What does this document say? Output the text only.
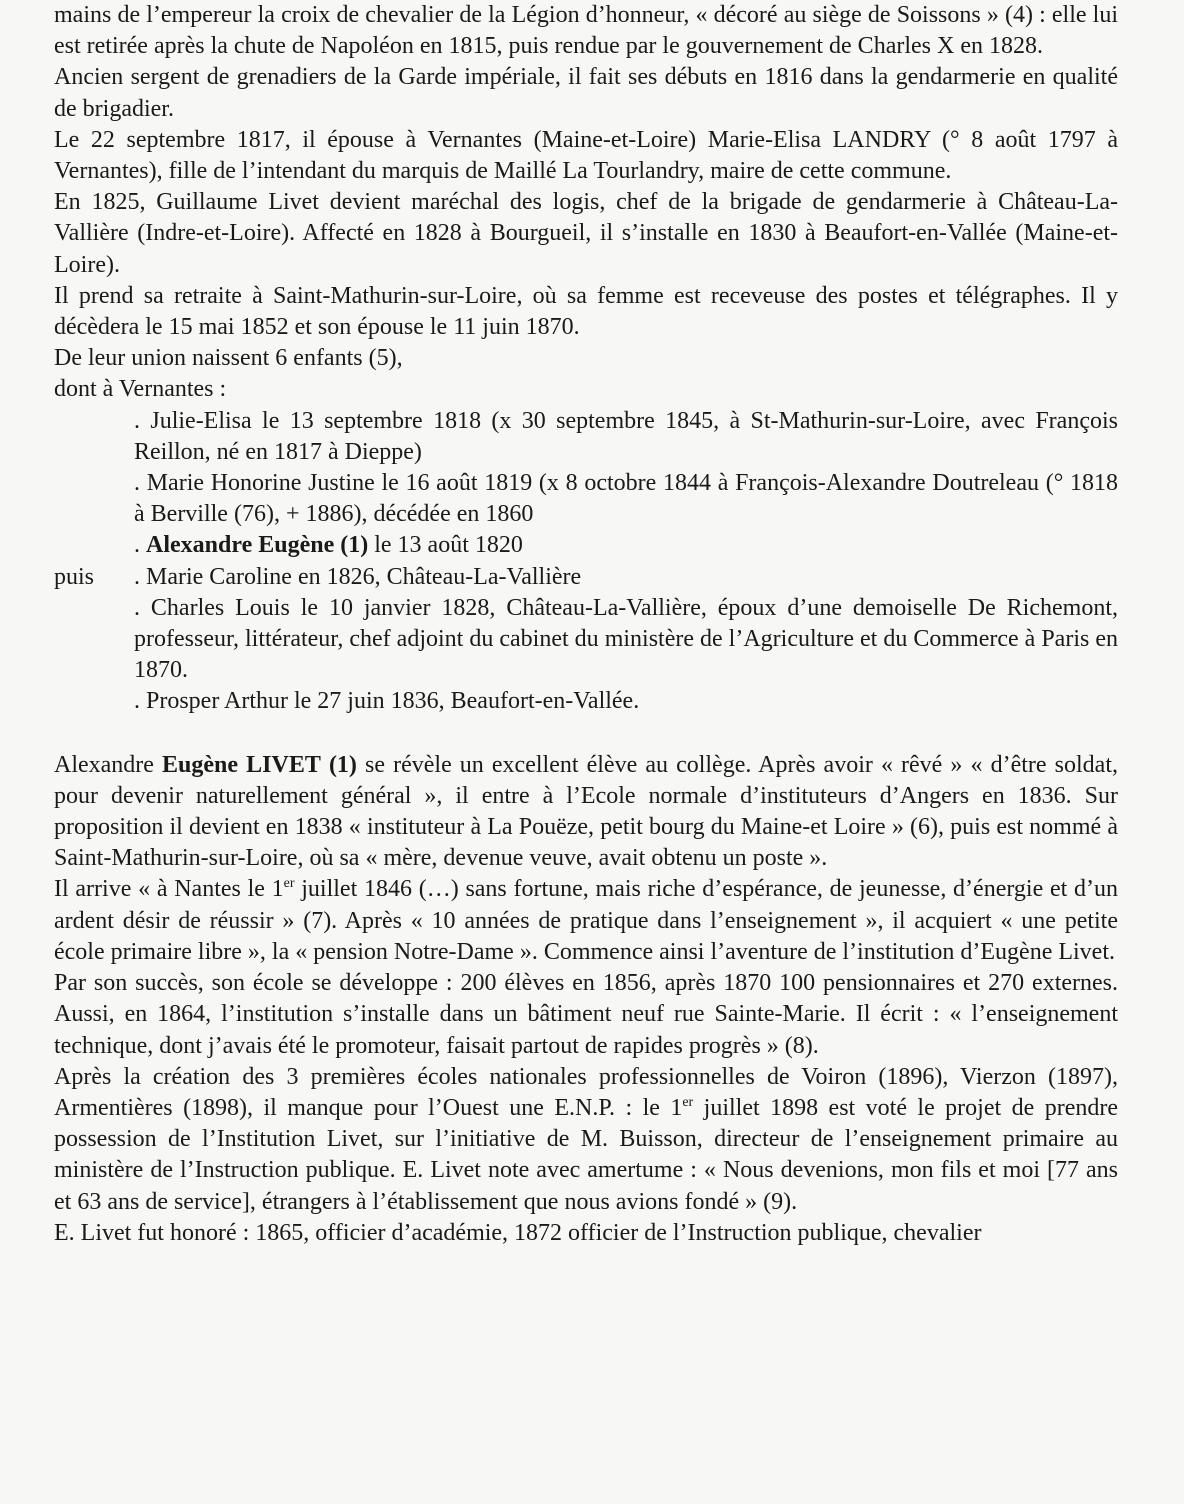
mains de l’empereur la croix de chevalier de la Légion d’honneur, « décoré au siège de Soissons » (4) : elle lui est retirée après la chute de Napoléon en 1815, puis rendue par le gouvernement de Charles X en 1828.

Ancien sergent de grenadiers de la Garde impériale, il fait ses débuts en 1816 dans la gendarmerie en qualité de brigadier.

Le 22 septembre 1817, il épouse à Vernantes (Maine-et-Loire) Marie-Elisa LANDRY (° 8 août 1797 à Vernantes), fille de l’intendant du marquis de Maillé La Tourlandry, maire de cette commune.

En 1825, Guillaume Livet devient maréchal des logis, chef de la brigade de gendarmerie à Château-La-Vallière (Indre-et-Loire). Affecté en 1828 à Bourgueil, il s’installe en 1830 à Beaufort-en-Vallée (Maine-et-Loire).

Il prend sa retraite à Saint-Mathurin-sur-Loire, où sa femme est receveuse des postes et télégraphes. Il y décèdera le 15 mai 1852 et son épouse le 11 juin 1870.

De leur union naissent 6 enfants (5),

dont à Vernantes :

. Julie-Elisa le 13 septembre 1818 (x 30 septembre 1845, à St-Mathurin-sur-Loire, avec François Reillon, né en 1817 à Dieppe)

. Marie Honorine Justine le 16 août 1819 (x 8 octobre 1844 à François-Alexandre Doutreleau (° 1818 à Berville (76), + 1886), décédée en 1860

. Alexandre Eugène (1) le 13 août 1820

puis . Marie Caroline en 1826, Château-La-Vallière

. Charles Louis le 10 janvier 1828, Château-La-Vallière, époux d’une demoiselle De Richemont, professeur, littérateur, chef adjoint du cabinet du ministère de l’Agriculture et du Commerce à Paris en 1870.

. Prosper Arthur le 27 juin 1836, Beaufort-en-Vallée.

Alexandre Eugène LIVET (1) se révèle un excellent élève au collège. Après avoir « rêvé » « d’être soldat, pour devenir naturellement général », il entre à l’Ecole normale d’instituteurs d’Angers en 1836. Sur proposition il devient en 1838 « instituteur à La Pouëze, petit bourg du Maine-et Loire » (6), puis est nommé à Saint-Mathurin-sur-Loire, où sa « mère, devenue veuve, avait obtenu un poste ».

Il arrive « à Nantes le 1er juillet 1846 (…) sans fortune, mais riche d’espérance, de jeunesse, d’énergie et d’un ardent désir de réussir » (7). Après « 10 années de pratique dans l’enseignement », il acquiert « une petite école primaire libre », la « pension Notre-Dame ». Commence ainsi l’aventure de l’institution d’Eugène Livet.

Par son succès, son école se développe : 200 élèves en 1856, après 1870 100 pensionnaires et 270 externes. Aussi, en 1864, l’institution s’installe dans un bâtiment neuf rue Sainte-Marie. Il écrit : « l’enseignement technique, dont j’avais été le promoteur, faisait partout de rapides progrès » (8).

Après la création des 3 premières écoles nationales professionnelles de Voiron (1896), Vierzon (1897), Armentières (1898), il manque pour l’Ouest une E.N.P. : le 1er juillet 1898 est voté le projet de prendre possession de l’Institution Livet, sur l’initiative de M. Buisson, directeur de l’enseignement primaire au ministère de l’Instruction publique. E. Livet note avec amertume : « Nous devenions, mon fils et moi [77 ans et 63 ans de service], étrangers à l’établissement que nous avions fondé » (9).

E. Livet fut honoré : 1865, officier d’académie, 1872 officier de l’Instruction publique, chevalier
